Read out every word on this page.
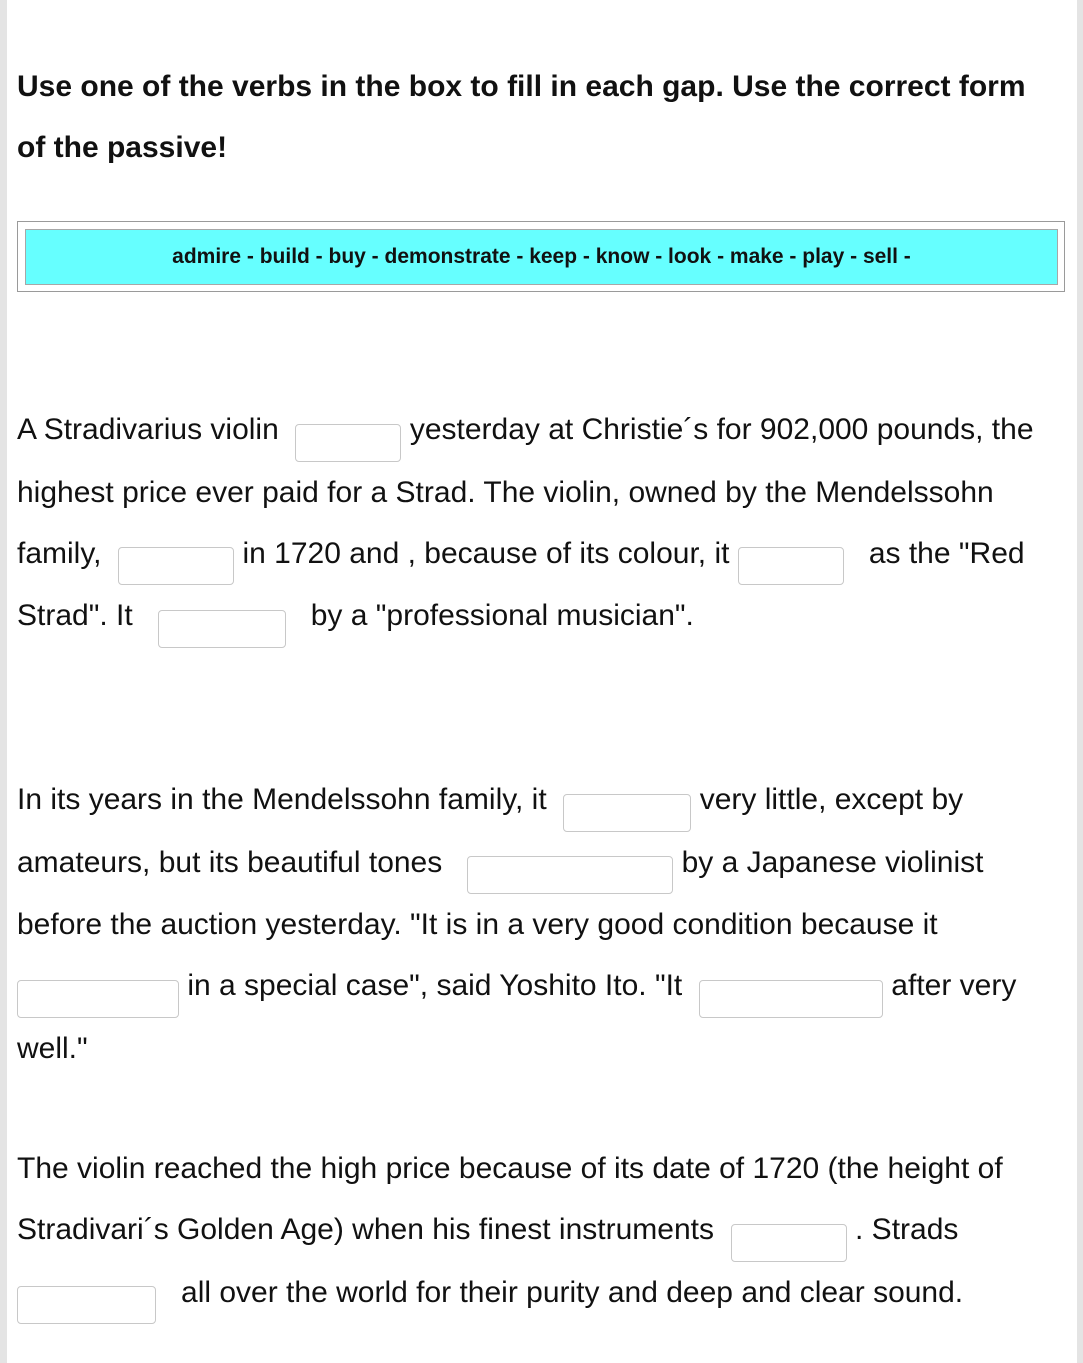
Use one of the verbs in the box to fill in each gap. Use the correct form of the passive!

admire - build - buy - demonstrate - keep - know - look - make - play - sell -

A Stradivarius violin	yesterday at Christie´s for 902,000 pounds, the highest price ever paid for a Strad. The violin, owned by the Mendelssohn family,	in 1720 and , because of its colour, it	as the "Red Strad". It	by a "professional musician".

In its years in the Mendelssohn family, it	very little, except by amateurs, but its beautiful tones	by a Japanese violinist before the auction yesterday. "It is in a very good condition because it  in a special case", said Yoshito Ito. "It	after very well."

The violin reached the high price because of its date of 1720 (the height of Stradivari´s Golden Age) when his finest instruments	. Strads    all over the world for their purity and deep and clear sound.
